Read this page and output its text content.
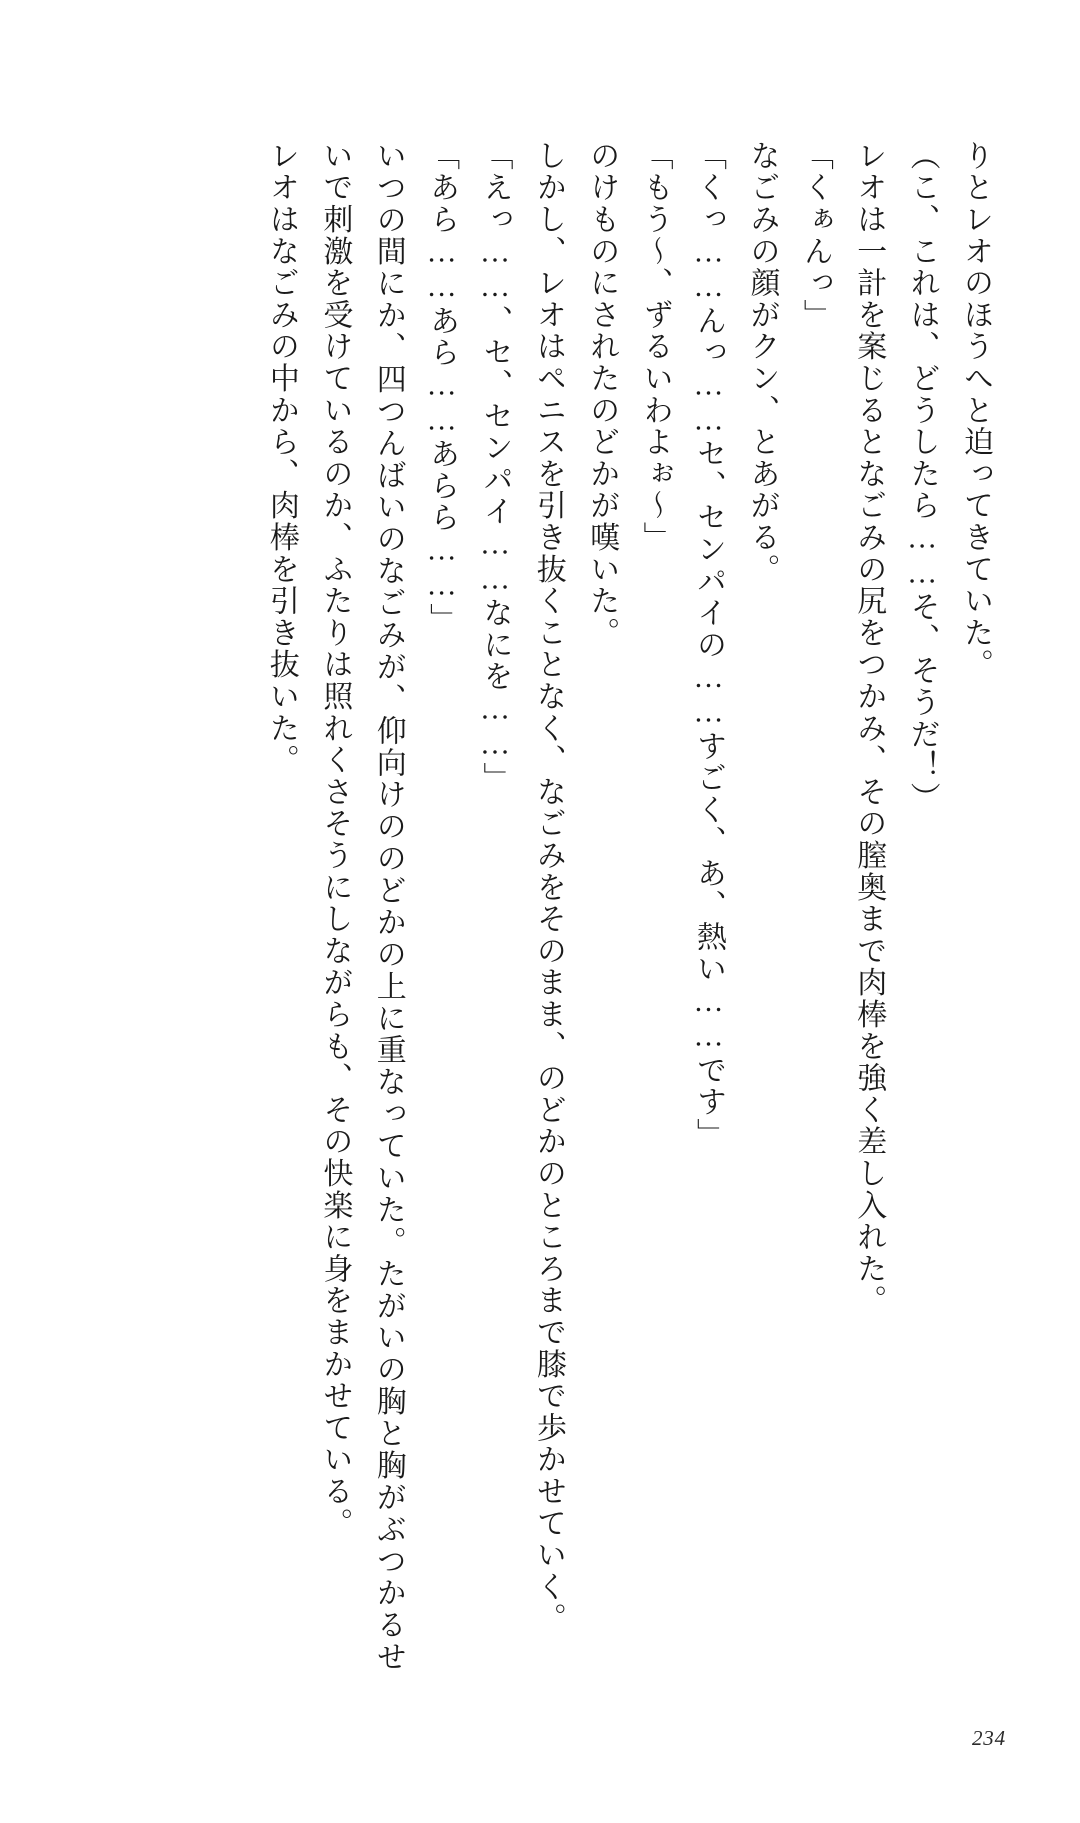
りとレオのほうへと迫ってきていた。

（こ、これは、どうしたら……そ、そうだ！）

レオは一計を案じるとなごみの尻をつかみ、その膣奥まで肉棒を強く差し入れた。

「くぁんっ」

なごみの顔がクン、とあがる。

「くっ……んっ……セ、センパイの……すごく、あ、熱い……です」

「もう～、ずるいわよぉ～」

のけものにされたのどかが嘆いた。

しかし、レオはペニスを引き抜くことなく、なごみをそのまま、のどかのところまで膝で歩かせていく。

「えっ……、セ、センパイ……なにを……」

「あら……あら……あらら……」

いつの間にか、四つんばいのなごみが、仰向けののどかの上に重なっていた。たがいの胸と胸がぶつかるせいで刺激を受けているのか、ふたりは照れくさそうにしながらも、その快楽に身をまかせている。

レオはなごみの中から、肉棒を引き抜いた。

234
